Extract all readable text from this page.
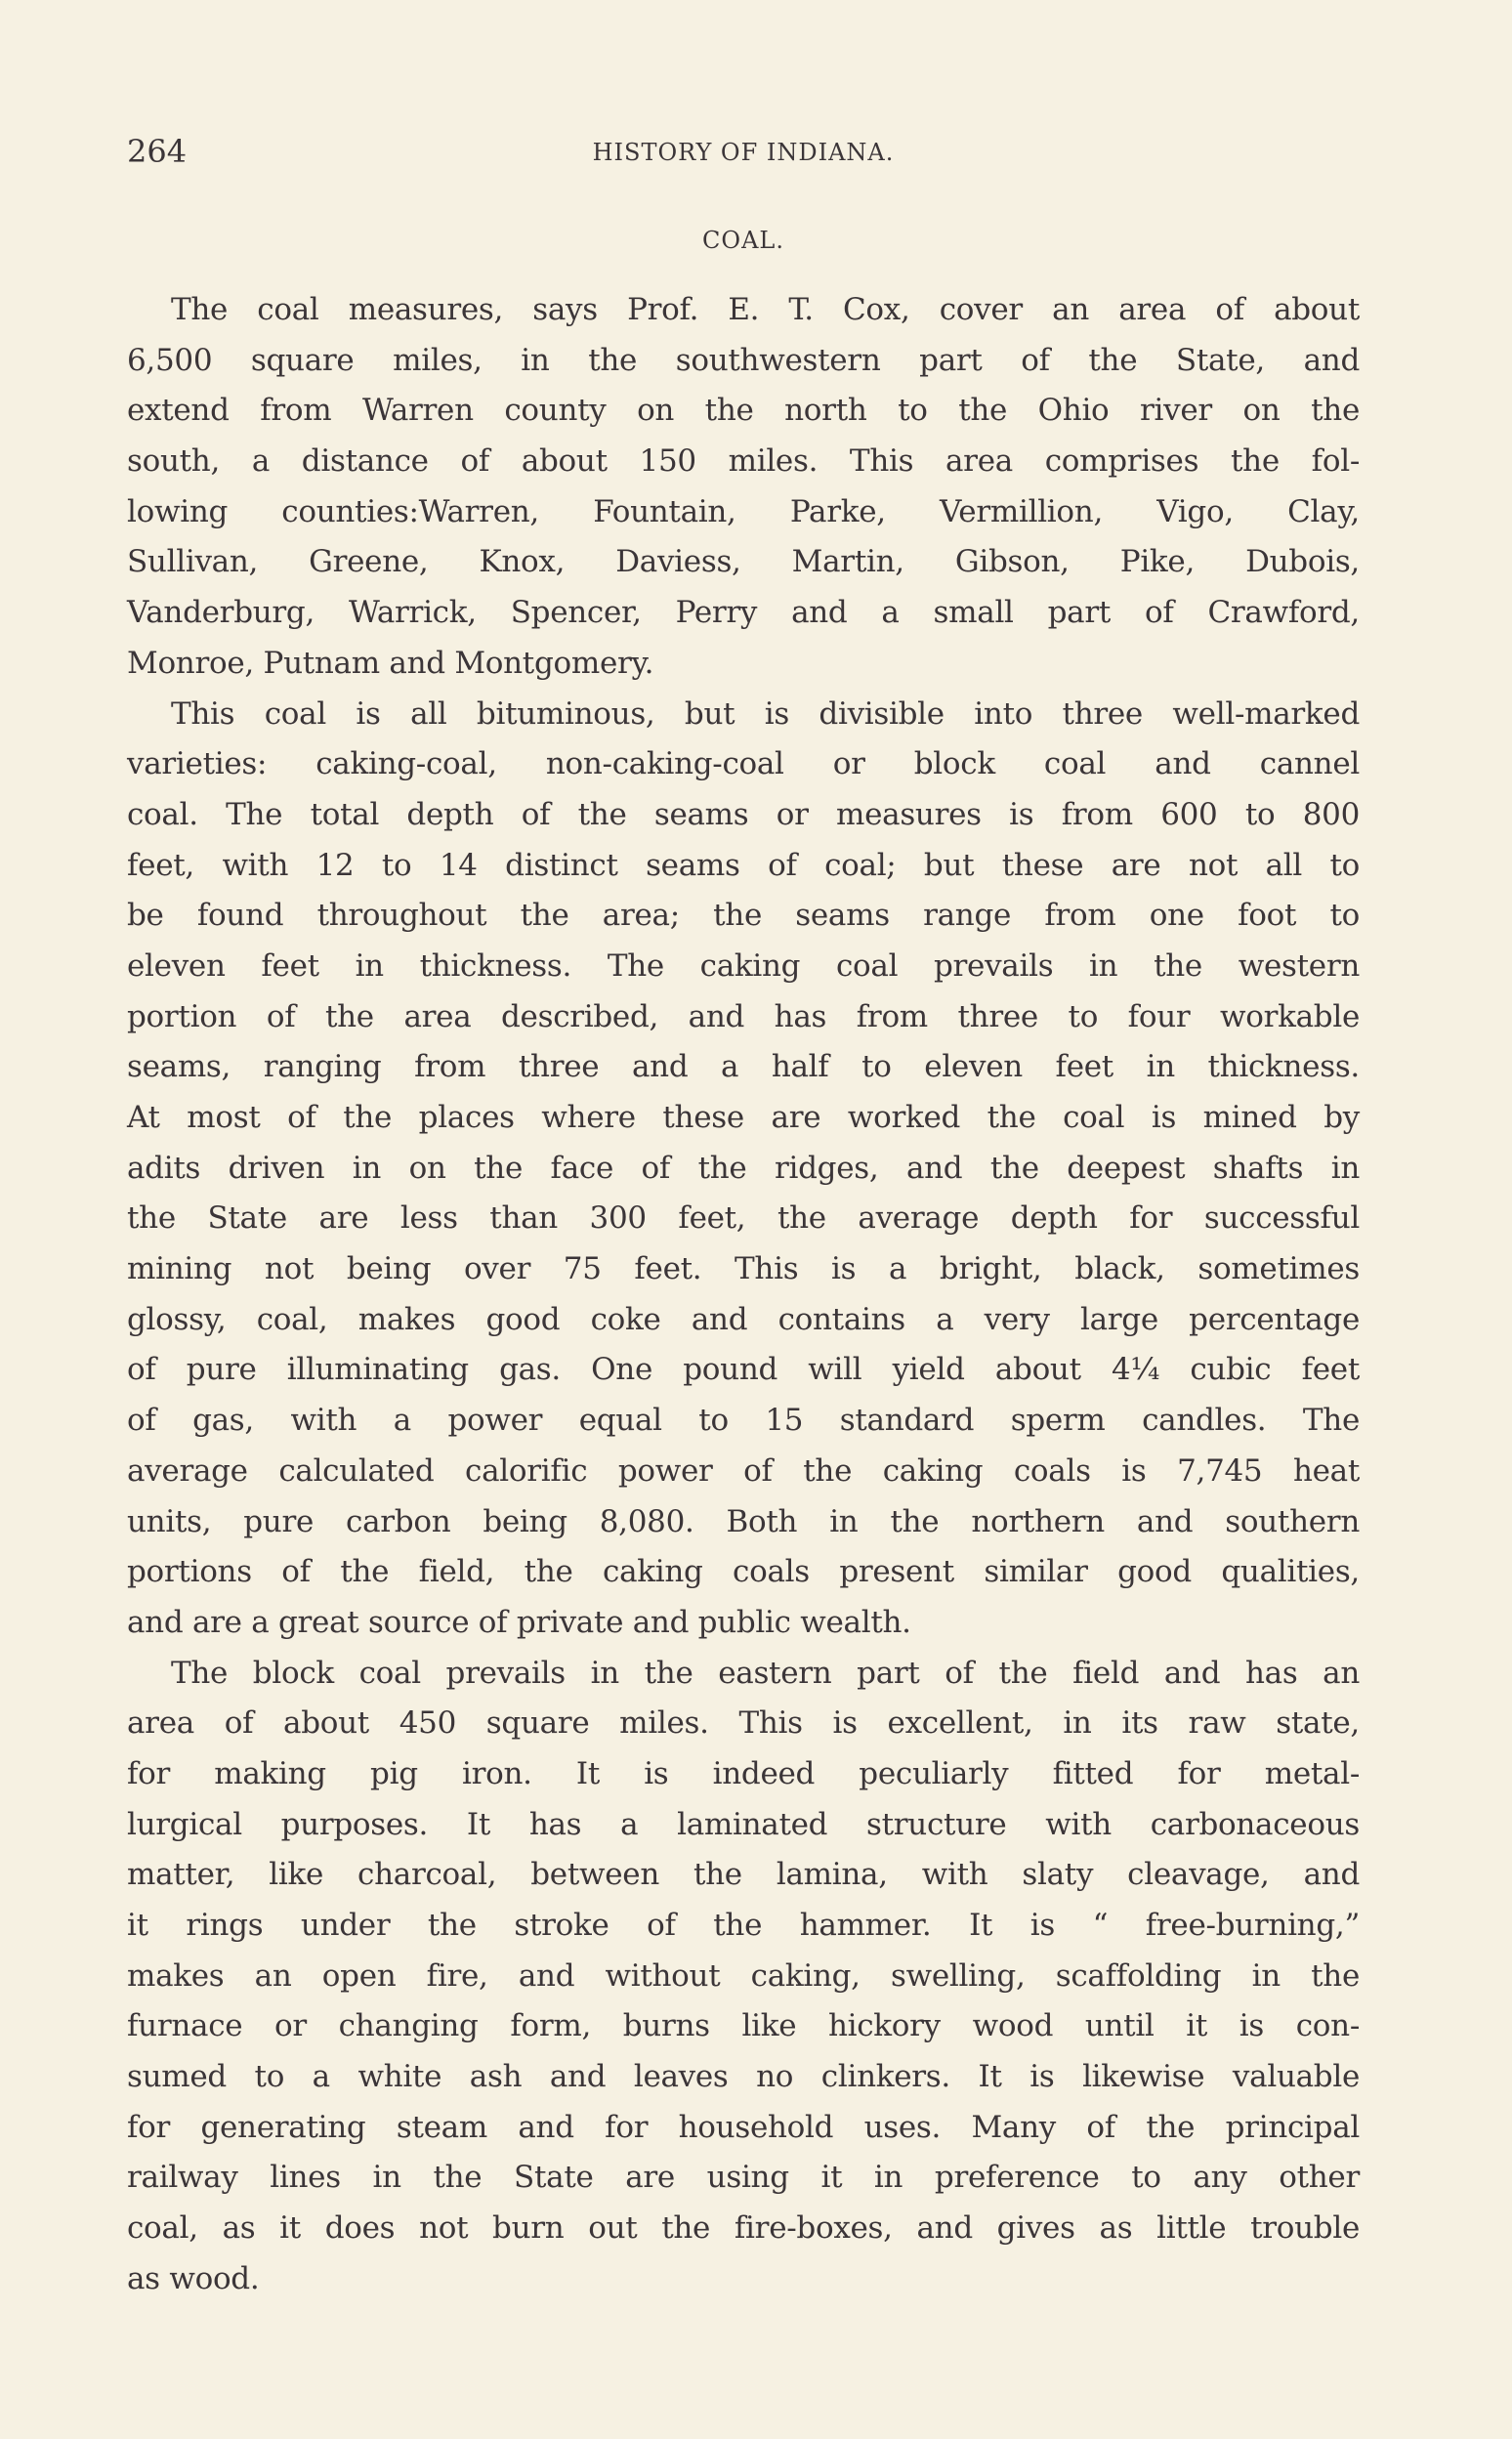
264	HISTORY OF INDIANA.
COAL.
The coal measures, says Prof. E. T. Cox, cover an area of about
6,500 square miles, in the southwestern part of the State, and
extend from Warren county on the north to the Ohio river on the
south, a distance of about 150 miles. This area comprises the fol-
lowing counties:Warren, Fountain, Parke, Vermillion, Vigo, Clay,
Sullivan, Greene, Knox, Daviess, Martin, Gibson, Pike, Dubois,
Vanderburg, Warrick, Spencer, Perry and a small part of Crawford,
Monroe, Putnam and Montgomery.
This coal is all bituminous, but is divisible into three well-marked
varieties: caking-coal, non-caking-coal or block coal and cannel
coal. The total depth of the seams or measures is from 600 to 800
feet, with 12 to 14 distinct seams of coal; but these are not all to
be found throughout the area; the seams range from one foot to
eleven feet in thickness. The caking coal prevails in the western
portion of the area described, and has from three to four workable
seams, ranging from three and a half to eleven feet in thickness.
At most of the places where these are worked the coal is mined by
adits driven in on the face of the ridges, and the deepest shafts in
the State are less than 300 feet, the average depth for successful
mining not being over 75 feet. This is a bright, black, sometimes
glossy, coal, makes good coke and contains a very large percentage
of pure illuminating gas. One pound will yield about 4¼ cubic feet
of gas, with a power equal to 15 standard sperm candles. The
average calculated calorific power of the caking coals is 7,745 heat
units, pure carbon being 8,080. Both in the northern and southern
portions of the field, the caking coals present similar good qualities,
and are a great source of private and public wealth.
The block coal prevails in the eastern part of the field and has an
area of about 450 square miles. This is excellent, in its raw state,
for making pig iron. It is indeed peculiarly fitted for metal-
lurgical purposes. It has a laminated structure with carbonaceous
matter, like charcoal, between the lamina, with slaty cleavage, and
it rings under the stroke of the hammer. It is “ free-burning,”
makes an open fire, and without caking, swelling, scaffolding in the
furnace or changing form, burns like hickory wood until it is con-
sumed to a white ash and leaves no clinkers. It is likewise valuable
for generating steam and for household uses. Many of the principal
railway lines in the State are using it in preference to any other
coal, as it does not burn out the fire-boxes, and gives as little trouble
as wood.
